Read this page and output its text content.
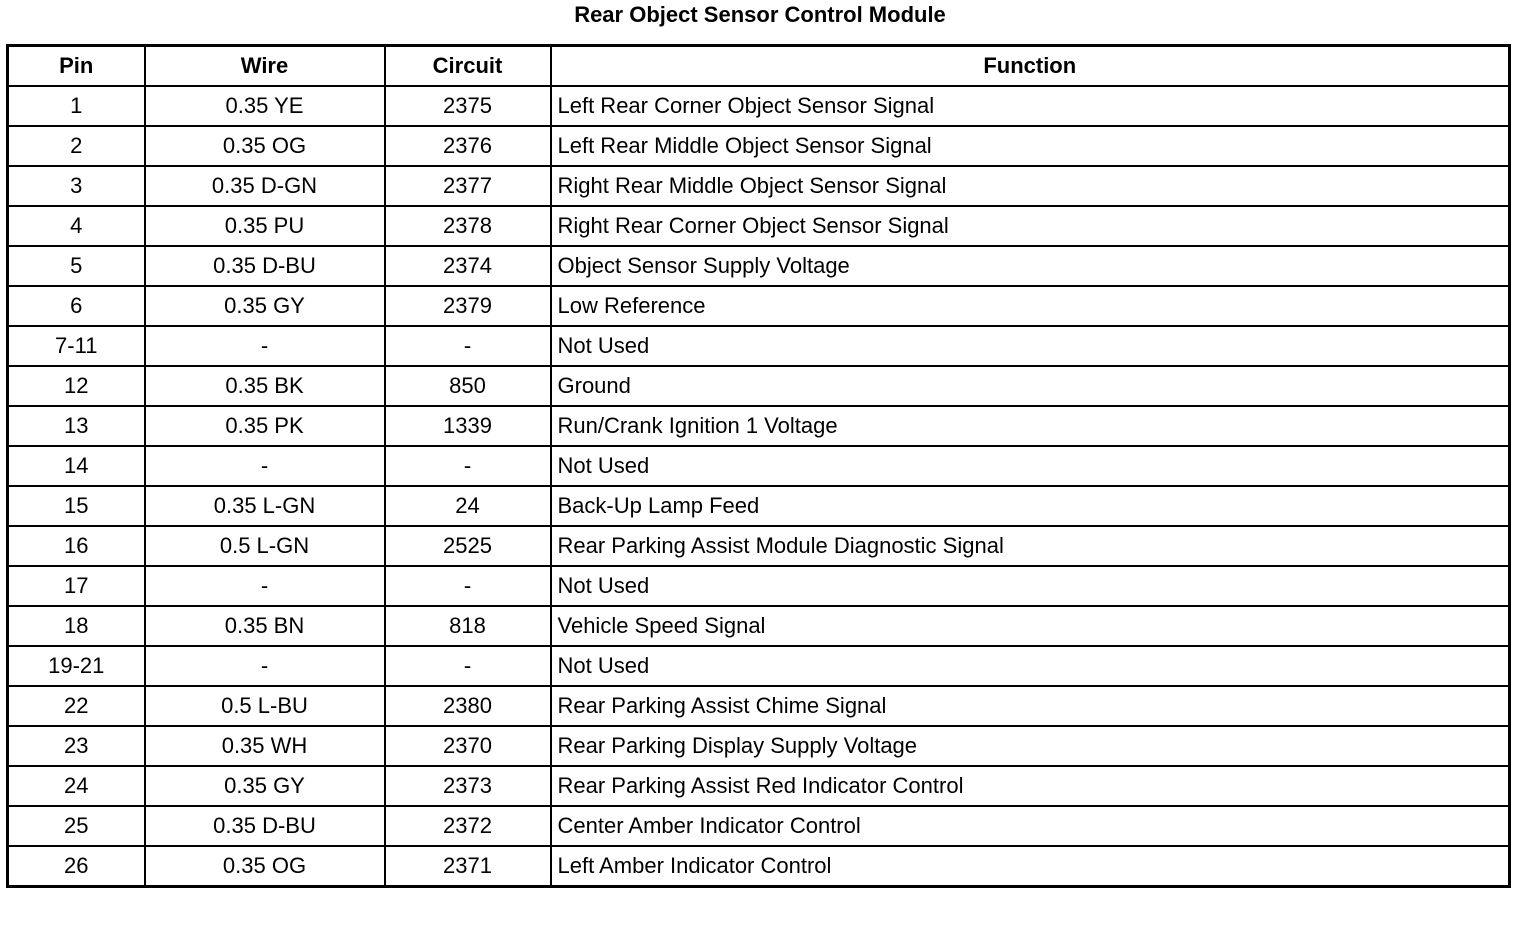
Rear Object Sensor Control Module
Pin	Wire	Circuit	Function
1	0.35 YE	2375	Left Rear Corner Object Sensor Signal
2	0.35 OG	2376	Left Rear Middle Object Sensor Signal
3	0.35 D-GN	2377	Right Rear Middle Object Sensor Signal
4	0.35 PU	2378	Right Rear Corner Object Sensor Signal
5	0.35 D-BU	2374	Object Sensor Supply Voltage
6	0.35 GY	2379	Low Reference
7-11	-	-	Not Used
12	0.35 BK	850	Ground
13	0.35 PK	1339	Run/Crank Ignition 1 Voltage
14	-	-	Not Used
15	0.35 L-GN	24	Back-Up Lamp Feed
16	0.5 L-GN	2525	Rear Parking Assist Module Diagnostic Signal
17	-	-	Not Used
18	0.35 BN	818	Vehicle Speed Signal
19-21	-	-	Not Used
22	0.5 L-BU	2380	Rear Parking Assist Chime Signal
23	0.35 WH	2370	Rear Parking Display Supply Voltage
24	0.35 GY	2373	Rear Parking Assist Red Indicator Control
25	0.35 D-BU	2372	Center Amber Indicator Control
26	0.35 OG	2371	Left Amber Indicator Control
